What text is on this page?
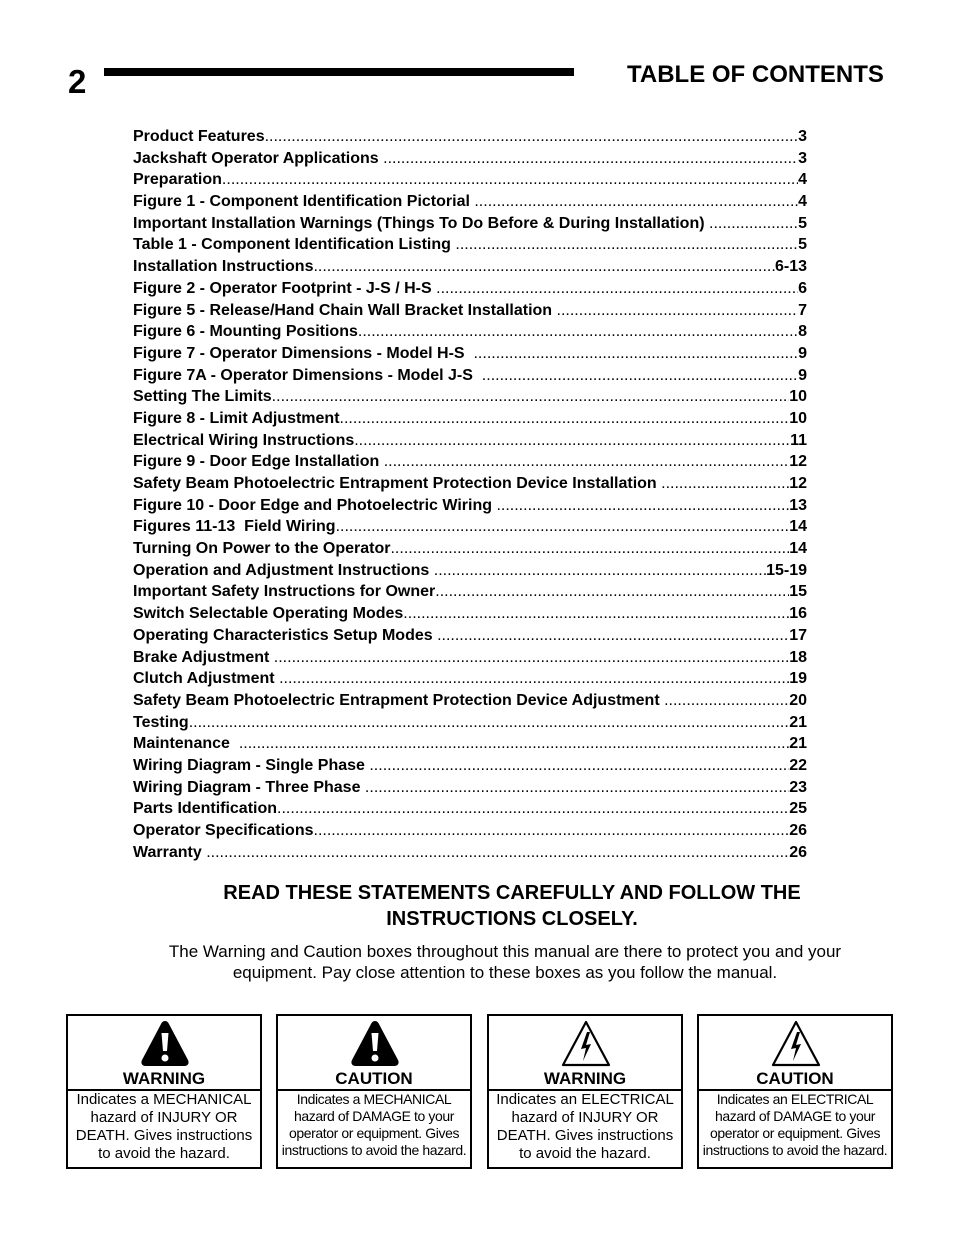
2	TABLE OF CONTENTS
Product Features .....	3
Jackshaft Operator Applications .....	3
Preparation .....	4
Figure 1 - Component Identification Pictorial .....	4
Important Installation Warnings (Things To Do Before & During Installation) .....	5
Table 1 - Component Identification Listing .....	5
Installation Instructions .....	6-13
Figure 2 - Operator Footprint - J-S / H-S .....	6
Figure 5 - Release/Hand Chain Wall Bracket Installation .....	7
Figure 6 - Mounting Positions .....	8
Figure 7 - Operator Dimensions - Model H-S .....	9
Figure 7A - Operator Dimensions - Model J-S .....	9
Setting The Limits .....	10
Figure 8 - Limit Adjustment .....	10
Electrical Wiring Instructions .....	11
Figure 9 - Door Edge Installation .....	12
Safety Beam Photoelectric Entrapment Protection Device Installation .....	12
Figure 10 - Door Edge and Photoelectric Wiring .....	13
Figures 11-13  Field Wiring .....	14
Turning On Power to the Operator .....	14
Operation and Adjustment Instructions .....	15-19
Important Safety Instructions for Owner .....	15
Switch Selectable Operating Modes .....	16
Operating Characteristics Setup Modes .....	17
Brake Adjustment .....	18
Clutch Adjustment .....	19
Safety Beam Photoelectric Entrapment Protection Device Adjustment .....	20
Testing .....	21
Maintenance .....	21
Wiring Diagram - Single Phase .....	22
Wiring Diagram - Three Phase .....	23
Parts Identification .....	25
Operator Specifications .....	26
Warranty .....	26
READ THESE STATEMENTS CAREFULLY AND FOLLOW THE
INSTRUCTIONS CLOSELY.
The Warning and Caution boxes throughout this manual are there to protect you and your
equipment. Pay close attention to these boxes as you follow the manual.
WARNING
Indicates a MECHANICAL hazard of INJURY OR DEATH. Gives instructions to avoid the hazard.
CAUTION
Indicates a MECHANICAL hazard of DAMAGE to your operator or equipment. Gives instructions to avoid the hazard.
WARNING
Indicates an ELECTRICAL hazard of INJURY OR DEATH. Gives instructions to avoid the hazard.
CAUTION
Indicates an ELECTRICAL hazard of DAMAGE to your operator or equipment. Gives instructions to avoid the hazard.
